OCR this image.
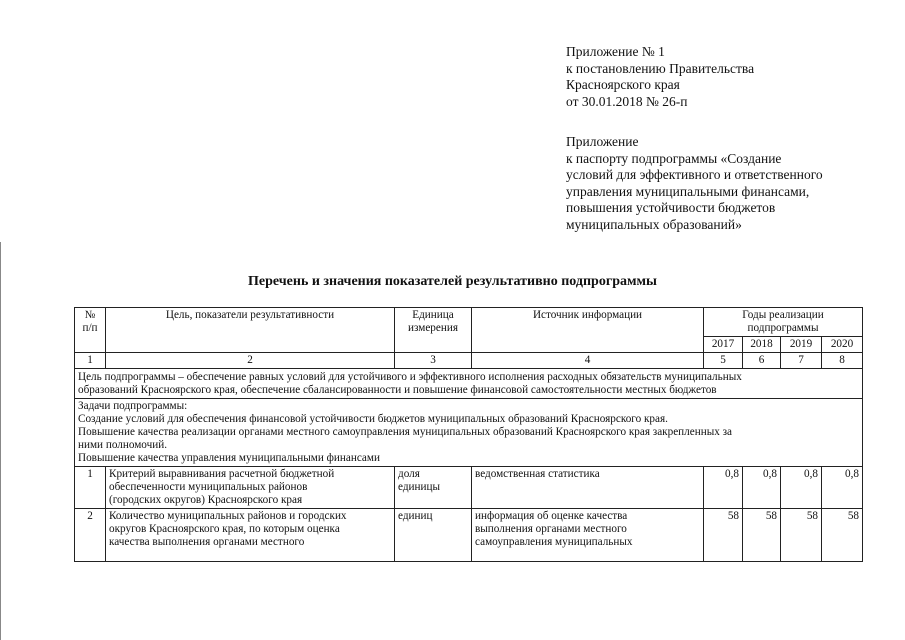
Приложение № 1
к постановлению Правительства
Красноярского края
от 30.01.2018 № 26-п
Приложение
к паспорту подпрограммы «Создание
условий для эффективного и ответственного
управления муниципальными финансами,
повышения устойчивости бюджетов
муниципальных образований»
Перечень и значения показателей результативно подпрограммы
№
п/п	Цель, показатели результативности	Единица
измерения	Источник информации	Годы реализации
подпрограммы			

				2017	2018	2019	2020
1	2	3	4	5	6	7	8

Цель подпрограммы – обеспечение равных условий для устойчивого и эффективного исполнения расходных обязательств муниципальных
образований Красноярского края, обеспечение сбалансированности и повышение финансовой самостоятельности местных бюджетов							

Задачи подпрограммы:
Создание условий для обеспечения финансовой устойчивости бюджетов муниципальных образований Красноярского края.
Повышение качества реализации органами местного самоуправления муниципальных образований Красноярского края закрепленных за
ними полномочий.
Повышение качества управления муниципальными финансами							

1	Критерий выравнивания расчетной бюджетной
обеспеченности муниципальных районов
(городских округов) Красноярского края	доля
единицы	ведомственная статистика	0,8	0,8	0,8	0,8
2	Количество муниципальных районов и городских
округов Красноярского края, по которым оценка
качества выполнения органами местного	единиц	информация об оценке качества
выполнения органами местного
самоуправления муниципальных	58	58	58	58
